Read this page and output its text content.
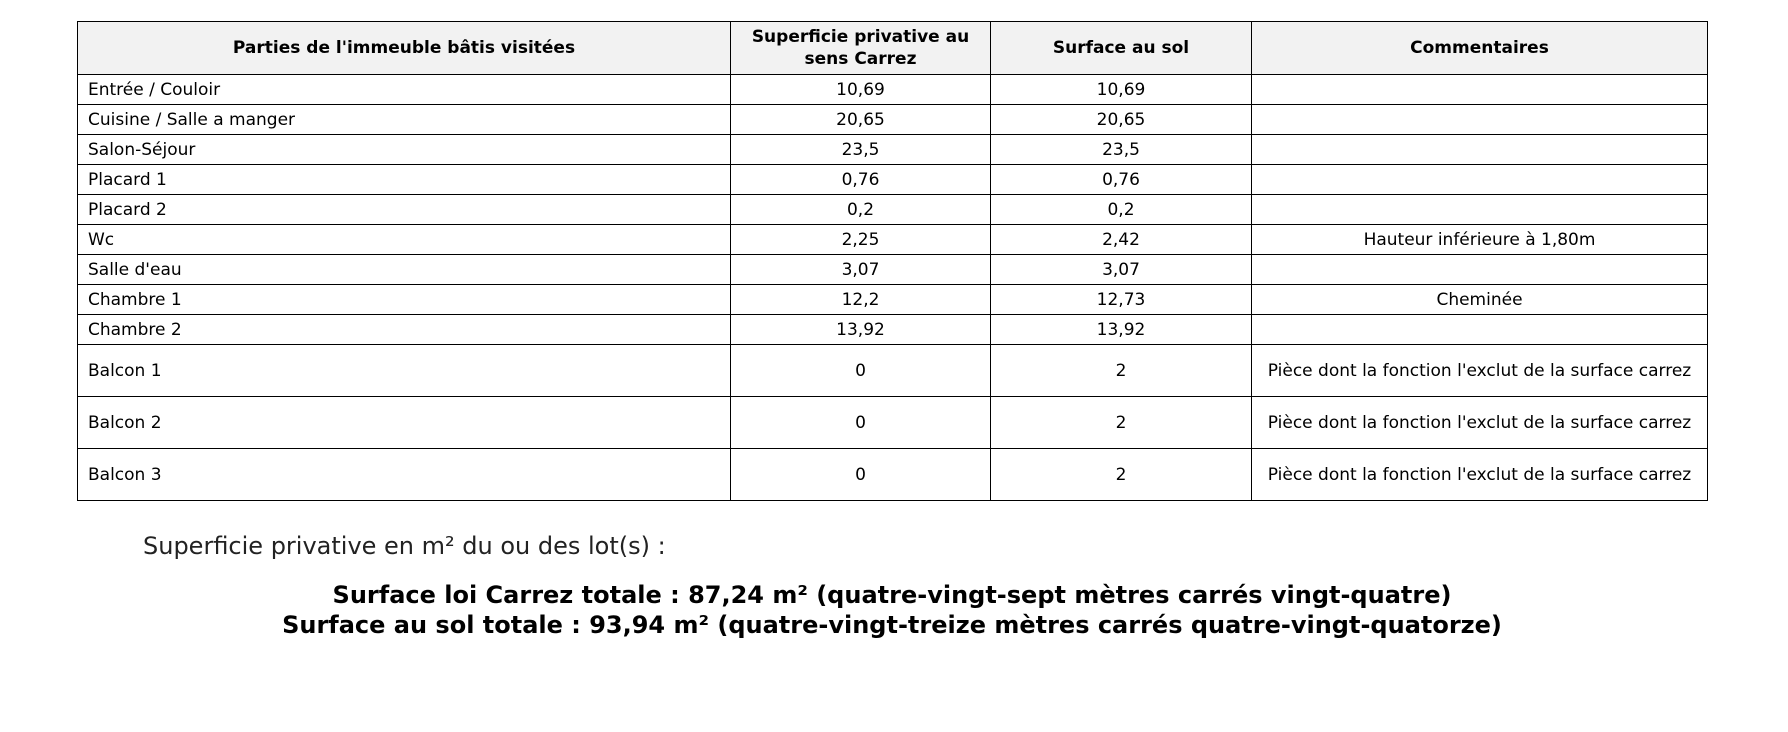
Parties de l'immeuble bâtis visitées	Superficie privative au sens Carrez	Surface au sol	Commentaires
Entrée / Couloir	10,69	10,69	
Cuisine / Salle a manger	20,65	20,65	
Salon-Séjour	23,5	23,5	
Placard 1	0,76	0,76	
Placard 2	0,2	0,2	
Wc	2,25	2,42	Hauteur inférieure à 1,80m
Salle d'eau	3,07	3,07	
Chambre 1	12,2	12,73	Cheminée
Chambre 2	13,92	13,92	
Balcon 1	0	2	Pièce dont la fonction l'exclut de la surface carrez
Balcon 2	0	2	Pièce dont la fonction l'exclut de la surface carrez
Balcon 3	0	2	Pièce dont la fonction l'exclut de la surface carrez
Superficie privative en m² du ou des lot(s) :
Surface loi Carrez totale : 87,24 m² (quatre-vingt-sept mètres carrés vingt-quatre)
Surface au sol totale : 93,94 m² (quatre-vingt-treize mètres carrés quatre-vingt-quatorze)
